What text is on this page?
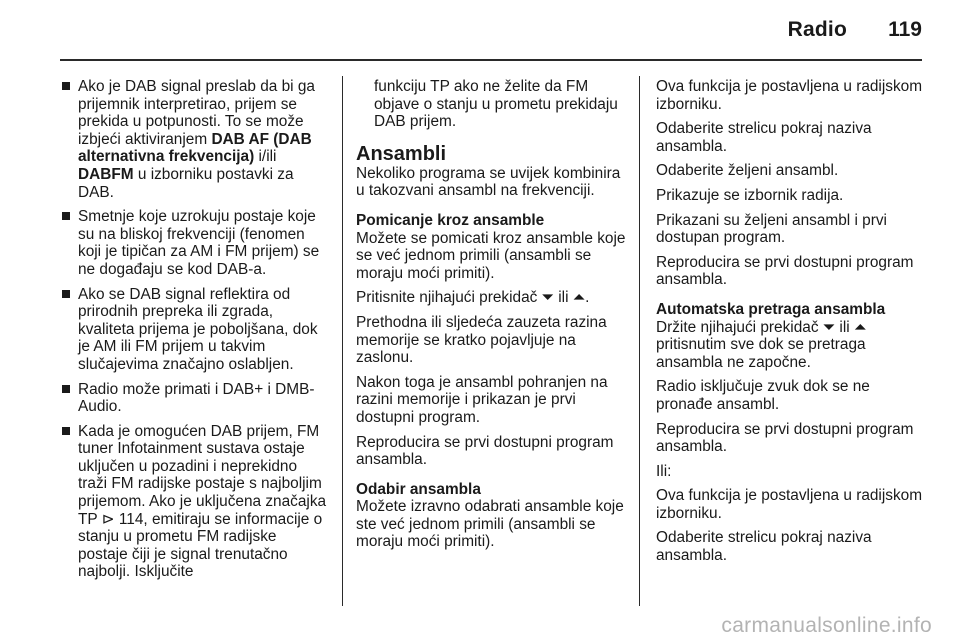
Radio 119
Ako je DAB signal preslab da bi ga prijemnik interpretirao, prijem se prekida u potpunosti. To se može izbjeći aktiviranjem DAB AF (DAB alternativna frekvencija) i/ili DABFM u izborniku postavki za DAB.
Smetnje koje uzrokuju postaje koje su na bliskoj frekvenciji (fenomen koji je tipičan za AM i FM prijem) se ne događaju se kod DAB-a.
Ako se DAB signal reflektira od prirodnih prepreka ili zgrada, kvaliteta prijema je poboljšana, dok je AM ili FM prijem u takvim slučajevima značajno oslabljen.
Radio može primati i DAB+ i DMB-Audio.
Kada je omogućen DAB prijem, FM tuner Infotainment sustava ostaje uključen u pozadini i neprekidno traži FM radijske postaje s najboljim prijemom. Ako je uključena značajka TP ⊳ 114, emitiraju se informacije o stanju u prometu FM radijske postaje čiji je signal trenutačno najbolji. Isključite

funkciju TP ako ne želite da FM objave o stanju u prometu prekidaju DAB prijem.

Ansambli

Nekoliko programa se uvijek kombinira u takozvani ansambl na frekvenciji.

Pomicanje kroz ansamble

Možete se pomicati kroz ansamble koje se već jednom primili (ansambli se moraju moći primiti).

Pritisnite njihajući prekidač ⏷ ili ⏶.

Prethodna ili sljedeća zauzeta razina memorije se kratko pojavljuje na zaslonu.

Nakon toga je ansambl pohranjen na razini memorije i prikazan je prvi dostupni program.

Reproducira se prvi dostupni program ansambla.

Odabir ansambla

Možete izravno odabrati ansamble koje ste već jednom primili (ansambli se moraju moći primiti).

Ova funkcija je postavljena u radijskom izborniku.

Odaberite strelicu pokraj naziva ansambla.

Odaberite željeni ansambl.

Prikazuje se izbornik radija.

Prikazani su željeni ansambl i prvi dostupan program.

Reproducira se prvi dostupni program ansambla.

Automatska pretraga ansambla

Držite njihajući prekidač ⏷ ili ⏶ pritisnutim sve dok se pretraga ansambla ne započne.

Radio isključuje zvuk dok se ne pronađe ansambl.

Reproducira se prvi dostupni program ansambla.

Ili:

Ova funkcija je postavljena u radijskom izborniku.

Odaberite strelicu pokraj naziva ansambla.

carmanualsonline.info
